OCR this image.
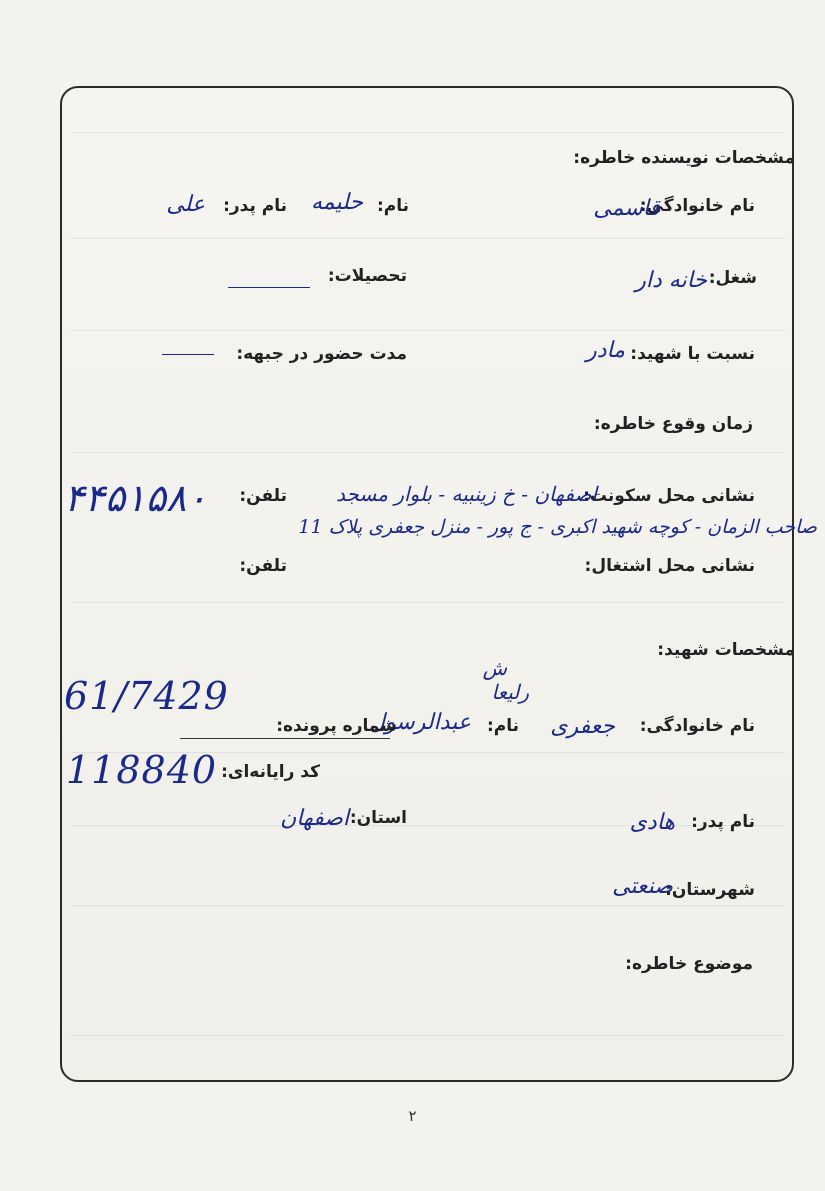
مشخصات نویسنده خاطره:
نام خانوادگی:
قاسمی
نام:
حلیمه
نام پدر:
علی
شغل:
خانه دار
تحصیلات:
نسبت با شهید:
مادر
مدت حضور در جبهه:
زمان وقوع خاطره:
نشانی محل سکونت:
اصفهان - خ زینبیه - بلوار مسجد
تلفن:
۴۴۵۱۵۸۰
صاحب الزمان - کوچه شهید اکبری - ج پور - منزل جعفری پلاک 11
نشانی محل اشتغال:
تلفن:
مشخصات شهید:
ش
رلیعا
61/7429
نام خانوادگی:
جعفری
نام:
عبدالرسول
شماره پرونده:
کد رایانه‌ای:
118840
نام پدر:
هادی
استان:
اصفهان
شهرستان:
صنعتی
موضوع خاطره:
۲
